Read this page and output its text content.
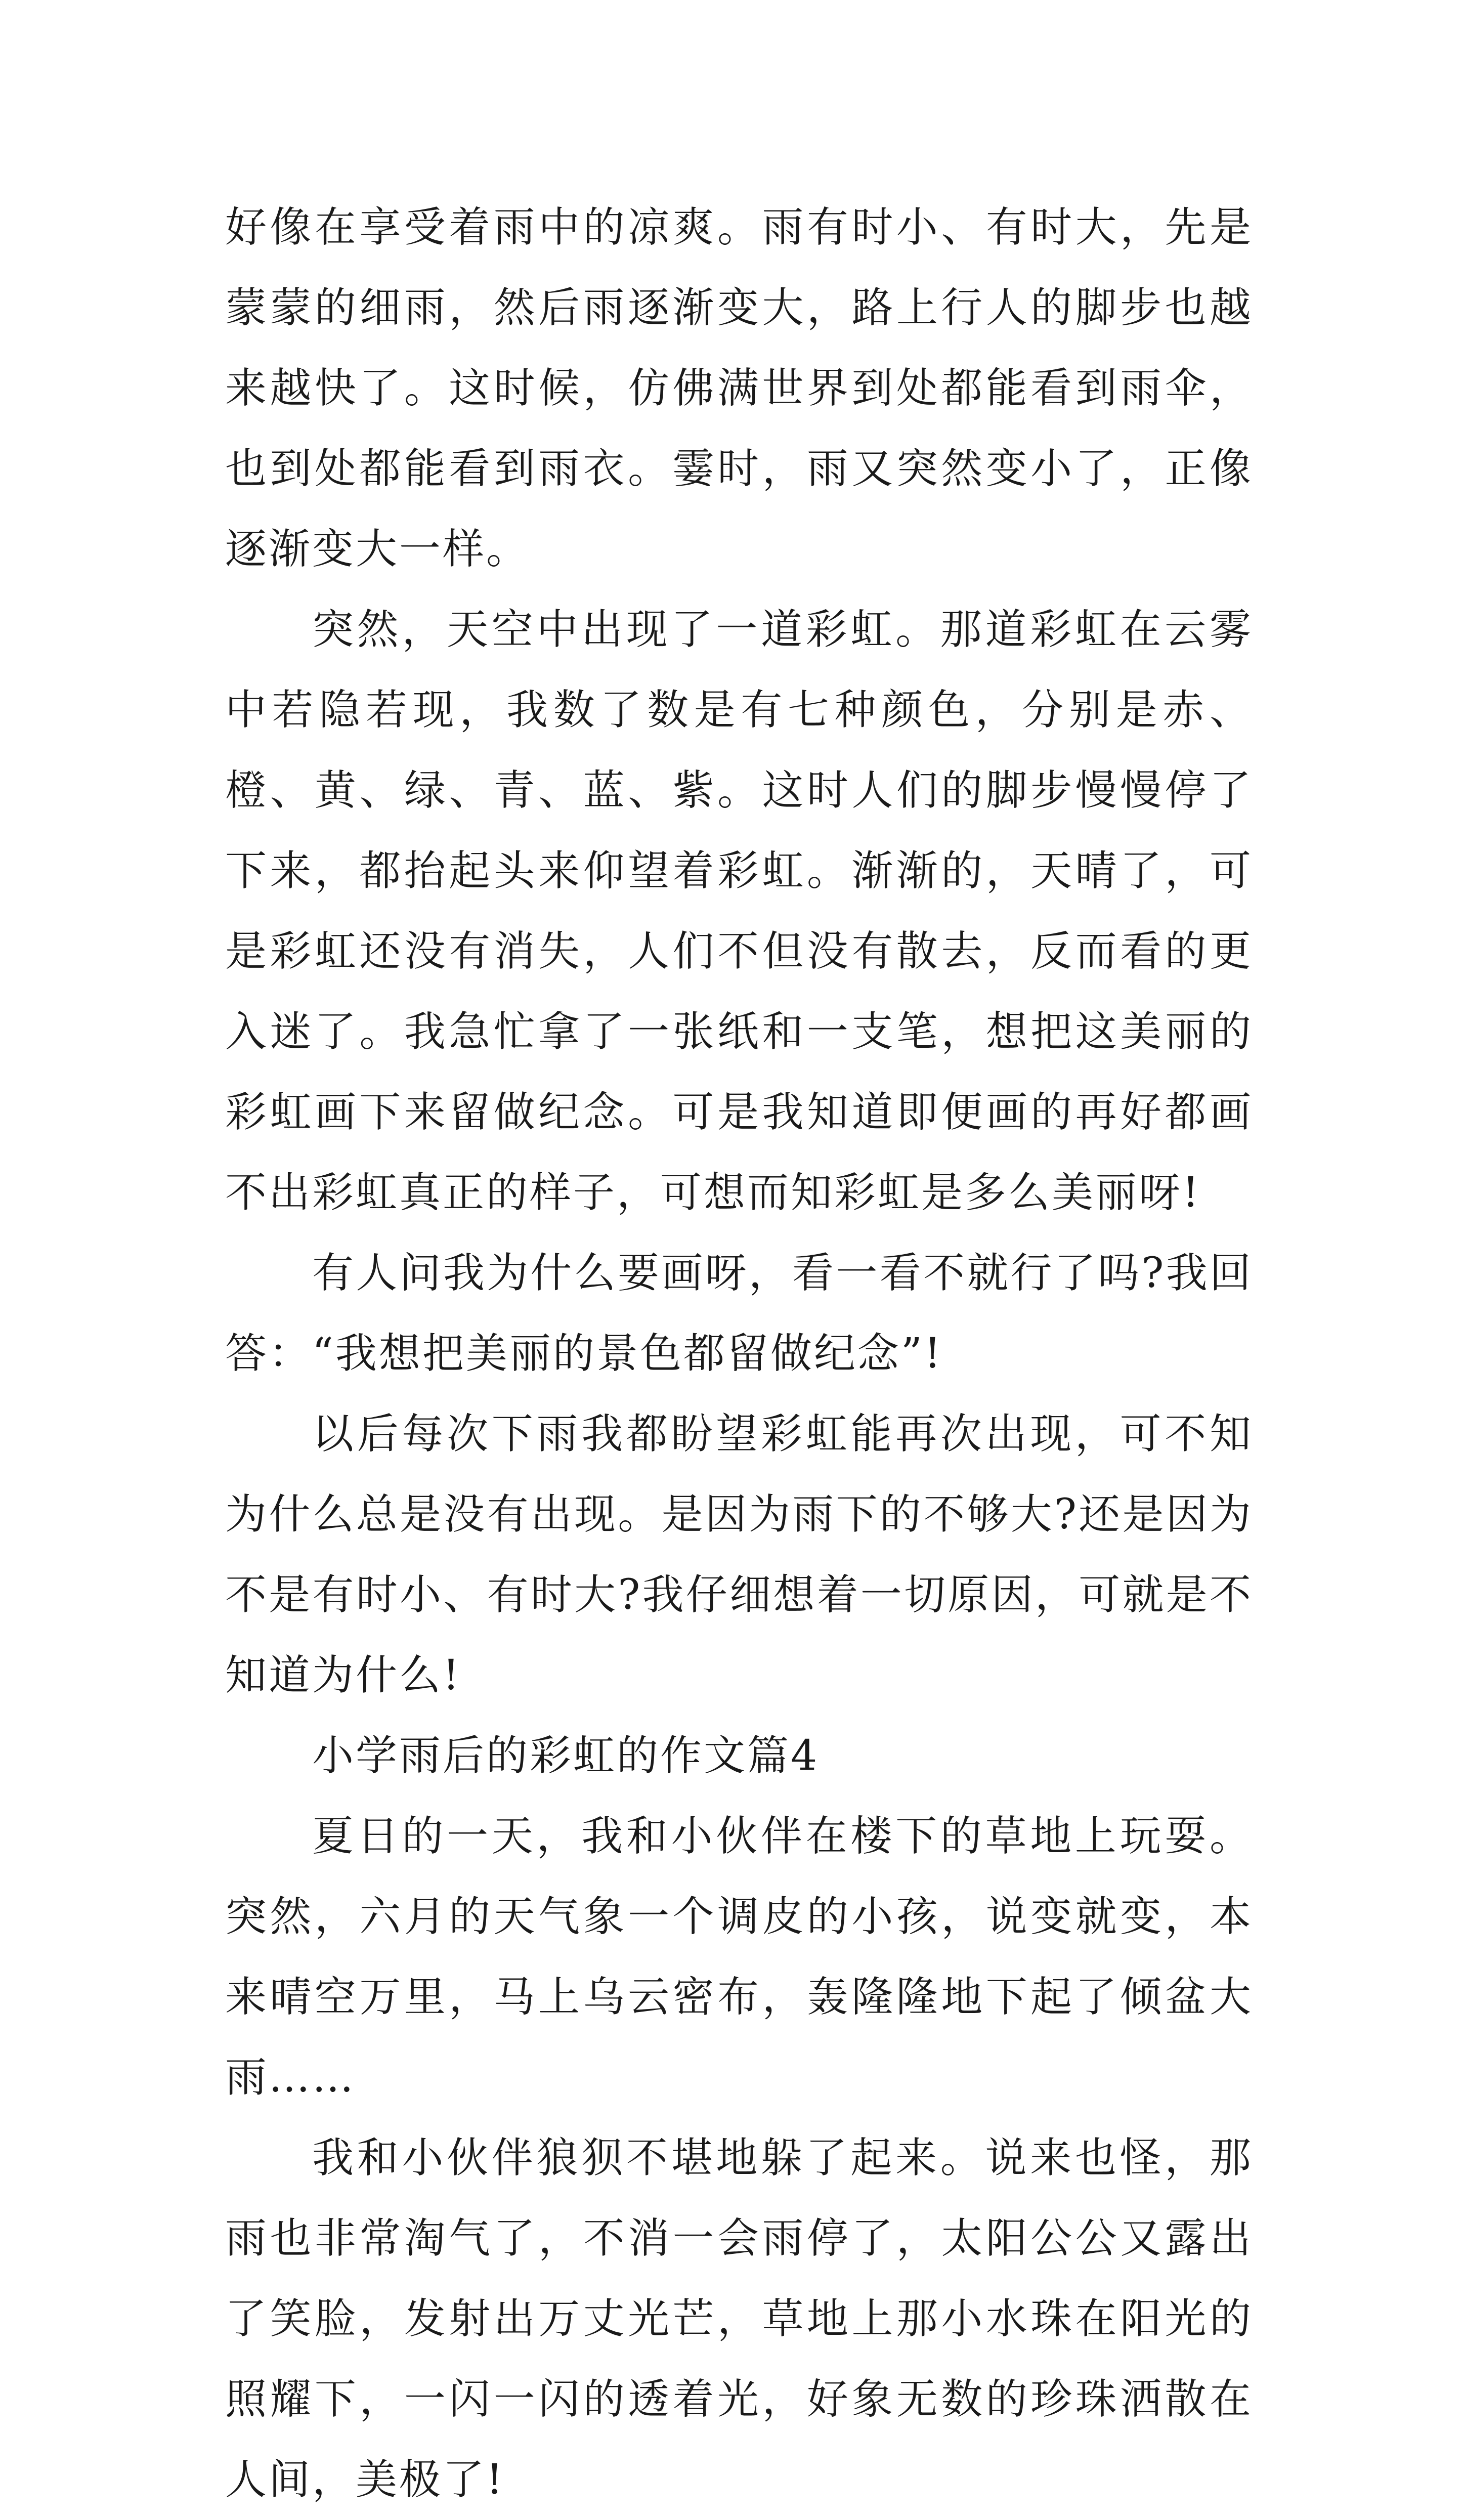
好像在享受着雨中的凉爽。雨有时小、有时大，先是蒙蒙的细雨，然后雨逐渐变大，路上行人的脚步也越来越快了。这时候，仿佛满世界到处都能看到雨伞，也到处都能看到雨衣。霎时，雨又突然变小了，正像逐渐变大一样。

突然，天空中出现了一道彩虹。那道彩虹在云雾中若隐若现，我数了数是有七种颜色，分别是赤、橙、黄、绿、青、蓝、紫。这时人们的脚步慢慢停了下来，都抬起头来仰望着彩虹。渐渐的，天晴了，可是彩虹还没有消失，人们不但没有散去，反而看的更入迷了。我急忙拿了一张纸和一支笔，想把这美丽的彩虹画下来留做纪念。可是我知道即便画的再好都画不出彩虹真正的样子，可想而知彩虹是多么美丽呀!

有人问我为什么要画呀，看一看不就行了吗?我回答：“我想把美丽的景色都留做纪念”!

以后每次下雨我都盼望彩虹能再次出现，可不知为什么总是没有出现。是因为雨下的不够大?还是因为不是有时小、有时大?我仔细想着一切原因，可就是不知道为什么!

小学雨后的彩虹的作文篇4

夏日的一天，我和小伙伴在楼下的草地上玩耍。突然，六月的天气象一个调皮的小孩，说变就变，本来晴空万里，马上乌云密布，轰隆隆地下起了倾盆大雨……

我和小伙伴狼狈不堪地躲了起来。说来也怪，那雨也非常淘气了，不消一会雨停了，太阳公公又露出了笑脸，发射出万丈光芒，草地上那小水珠在阳光的照耀下，一闪一闪的透着光，好象无数的珍珠洒散在人间，美极了!
